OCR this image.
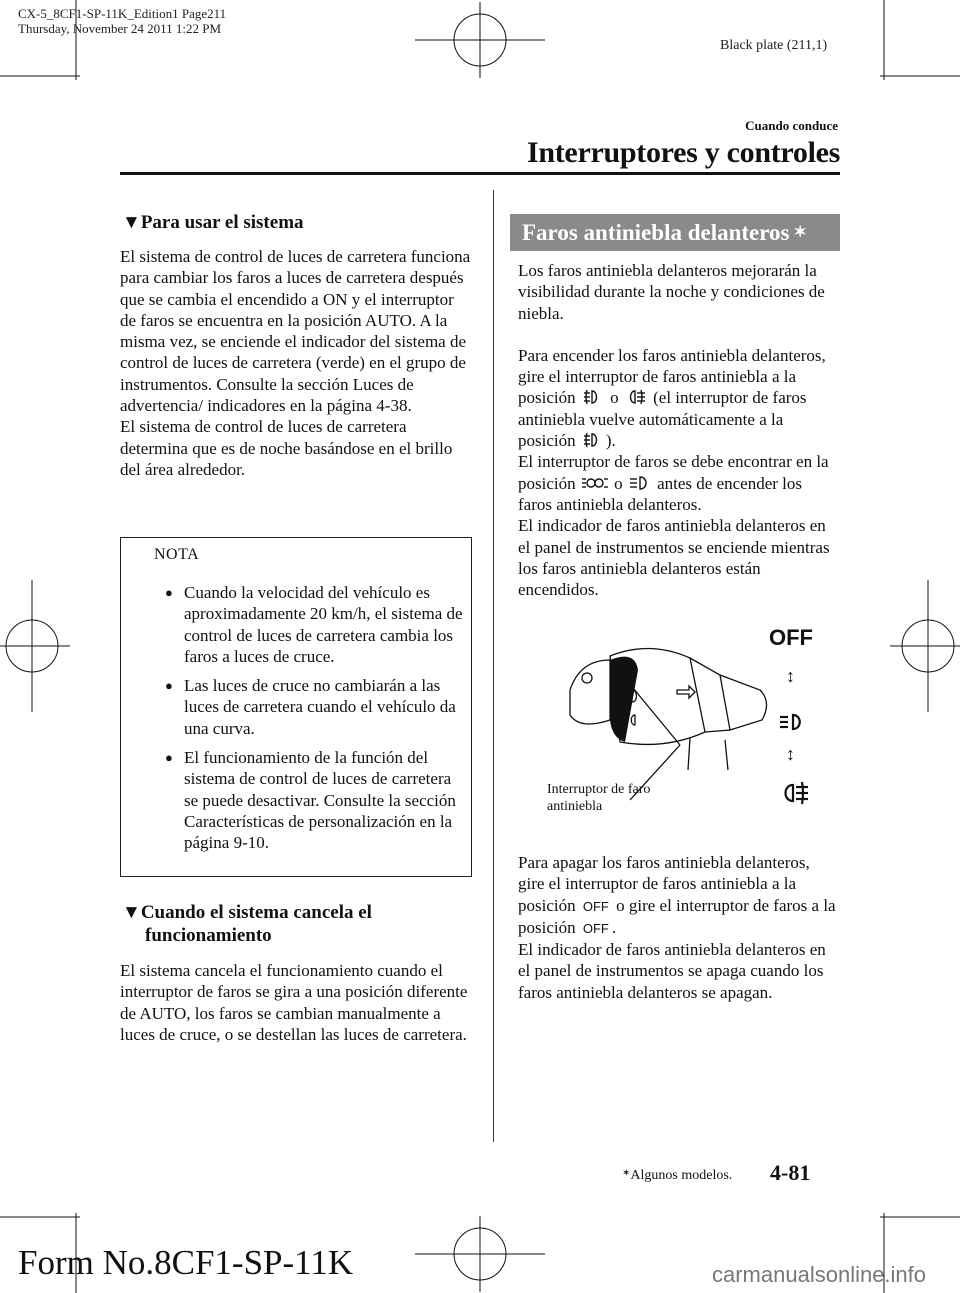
CX-5_8CF1-SP-11K_Edition1 Page211
Thursday, November 24 2011 1:22 PM
Black plate (211,1)
Cuando conduce
Interruptores y controles
▼Para usar el sistema

El sistema de control de luces de carretera funciona para cambiar los faros a luces de carretera después que se cambia el encendido a ON y el interruptor de faros se encuentra en la posición AUTO. A la misma vez, se enciende el indicador del sistema de control de luces de carretera (verde) en el grupo de instrumentos. Consulte la sección Luces de advertencia/ indicadores en la página 4-38.

El sistema de control de luces de carretera determina que es de noche basándose en el brillo del área alrededor.

NOTA
● Cuando la velocidad del vehículo es aproximadamente 20 km/h, el sistema de control de luces de carretera cambia los faros a luces de cruce.
● Las luces de cruce no cambiarán a las luces de carretera cuando el vehículo da una curva.
● El funcionamiento de la función del sistema de control de luces de carretera se puede desactivar. Consulte la sección Características de personalización en la página 9-10.
▼Cuando el sistema cancela el
funcionamiento
El sistema cancela el funcionamiento cuando el interruptor de faros se gira a una posición diferente de AUTO, los faros se cambian manualmente a luces de cruce, o se destellan las luces de carretera.
Faros antiniebla delanteros ✶

Los faros antiniebla delanteros mejorarán la visibilidad durante la noche y condiciones de niebla.

Para encender los faros antiniebla delanteros, gire el interruptor de faros antiniebla a la posición o (el interruptor de faros antiniebla vuelve automáticamente a la posición ).

El interruptor de faros se debe encontrar en la posición o antes de encender los faros antiniebla delanteros.

El indicador de faros antiniebla delanteros en el panel de instrumentos se enciende mientras los faros antiniebla delanteros están encendidos.

OFF
↕
↕
Interruptor de faro
antiniebla

Para apagar los faros antiniebla delanteros, gire el interruptor de faros antiniebla a la posición OFF o gire el interruptor de faros a la posición OFF .

El indicador de faros antiniebla delanteros en el panel de instrumentos se apaga cuando los faros antiniebla delanteros se apagan.

✶Algunos modelos. 4-81
Form No.8CF1-SP-11K	carmanualsonline.info
